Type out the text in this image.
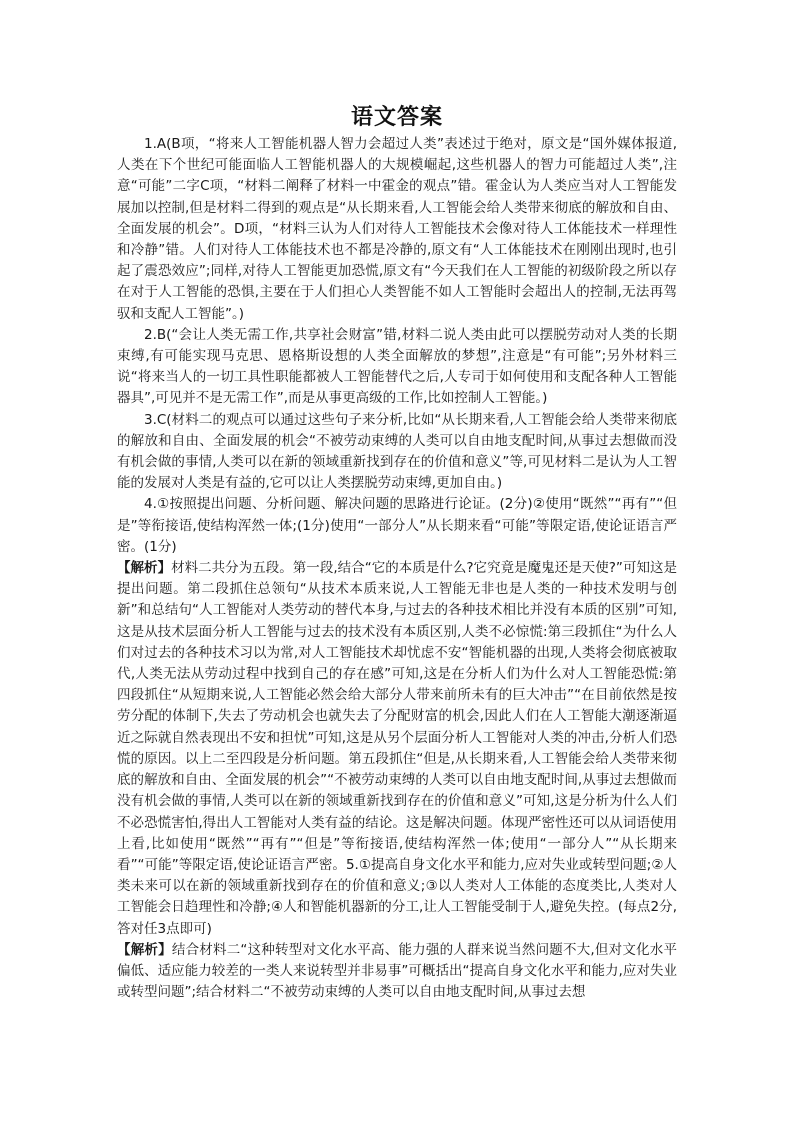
语文答案

1.A(B项，“将来人工智能机器人智力会超过人类”表述过于绝对，原文是“国外媒体报道,人类在下个世纪可能面临人工智能机器人的大规模崛起,这些机器人的智力可能超过人类”,注意“可能”二字C项，“材料二阐释了材料一中霍金的观点”错。霍金认为人类应当对人工智能发展加以控制,但是材料二得到的观点是“从长期来看,人工智能会给人类带来彻底的解放和自由、全面发展的机会”。D项，“材料三认为人们对待人工智能技术会像对待人工体能技术一样理性和冷静”错。人们对待人工体能技术也不都是冷静的,原文有“人工体能技术在刚刚出现时,也引起了震恐效应”;同样,对待人工智能更加恐慌,原文有“今天我们在人工智能的初级阶段之所以存在对于人工智能的恐惧,主要在于人们担心人类智能不如人工智能时会超出人的控制,无法再驾驭和支配人工智能”。)

2.B(“会让人类无需工作,共享社会财富”错,材料二说人类由此可以摆脱劳动对人类的长期束缚,有可能实现马克思、恩格斯设想的人类全面解放的梦想”,注意是“有可能”;另外材料三说“将来当人的一切工具性职能都被人工智能替代之后,人专司于如何使用和支配各种人工智能器具”,可见并不是无需工作”,而是从事更高级的工作,比如控制人工智能。)

3.C(材料二的观点可以通过这些句子来分析,比如“从长期来看,人工智能会给人类带来彻底的解放和自由、全面发展的机会“不被劳动束缚的人类可以自由地支配时间,从事过去想做而没有机会做的事情,人类可以在新的领域重新找到存在的价值和意义”等,可见材料二是认为人工智能的发展对人类是有益的,它可以让人类摆脱劳动束缚,更加自由。)

4.①按照提出问题、分析问题、解决问题的思路进行论证。(2分)②使用“既然”“再有”“但是”等衔接语,使结构浑然一体;(1分)使用“一部分人”从长期来看“可能”等限定语,使论证语言严密。(1分)

【解析】材料二共分为五段。第一段,结合“它的本质是什么?它究竟是魔鬼还是天使?”可知这是提出问题。第二段抓住总领句“从技术本质来说,人工智能无非也是人类的一种技术发明与创新”和总结句“人工智能对人类劳动的替代本身,与过去的各种技术相比并没有本质的区别”可知,这是从技术层面分析人工智能与过去的技术没有本质区别,人类不必惊慌:第三段抓住“为什么人们对过去的各种技术习以为常,对人工智能技术却忧虑不安“智能机器的出现,人类将会彻底被取代,人类无法从劳动过程中找到自己的存在感”可知,这是在分析人们为什么对人工智能恐慌:第四段抓住“从短期来说,人工智能必然会给大部分人带来前所未有的巨大冲击”“在目前依然是按劳分配的体制下,失去了劳动机会也就失去了分配财富的机会,因此人们在人工智能大潮逐渐逼近之际就自然表现出不安和担忧”可知,这是从另个层面分析人工智能对人类的冲击,分析人们恐慌的原因。以上二至四段是分析问题。第五段抓住“但是,从长期来看,人工智能会给人类带来彻底的解放和自由、全面发展的机会”“不被劳动束缚的人类可以自由地支配时间,从事过去想做而没有机会做的事情,人类可以在新的领域重新找到存在的价值和意义”可知,这是分析为什么人们不必恐慌害怕,得出人工智能对人类有益的结论。这是解决问题。体现严密性还可以从词语使用上看,比如使用“既然”“再有”“但是”等衔接语,使结构浑然一体;使用“一部分人”“从长期来看”“可能”等限定语,使论证语言严密。5.①提高自身文化水平和能力,应对失业或转型问题;②人类未来可以在新的领域重新找到存在的价值和意义;③以人类对人工体能的态度类比,人类对人工智能会日趋理性和冷静;④人和智能机器新的分工,让人工智能受制于人,避免失控。(每点2分,答对任3点即可)

【解析】结合材料二“这种转型对文化水平高、能力强的人群来说当然问题不大,但对文化水平偏低、适应能力较差的一类人来说转型并非易事”可概括出“提高自身文化水平和能力,应对失业或转型问题”;结合材料二“不被劳动束缚的人类可以自由地支配时间,从事过去想
